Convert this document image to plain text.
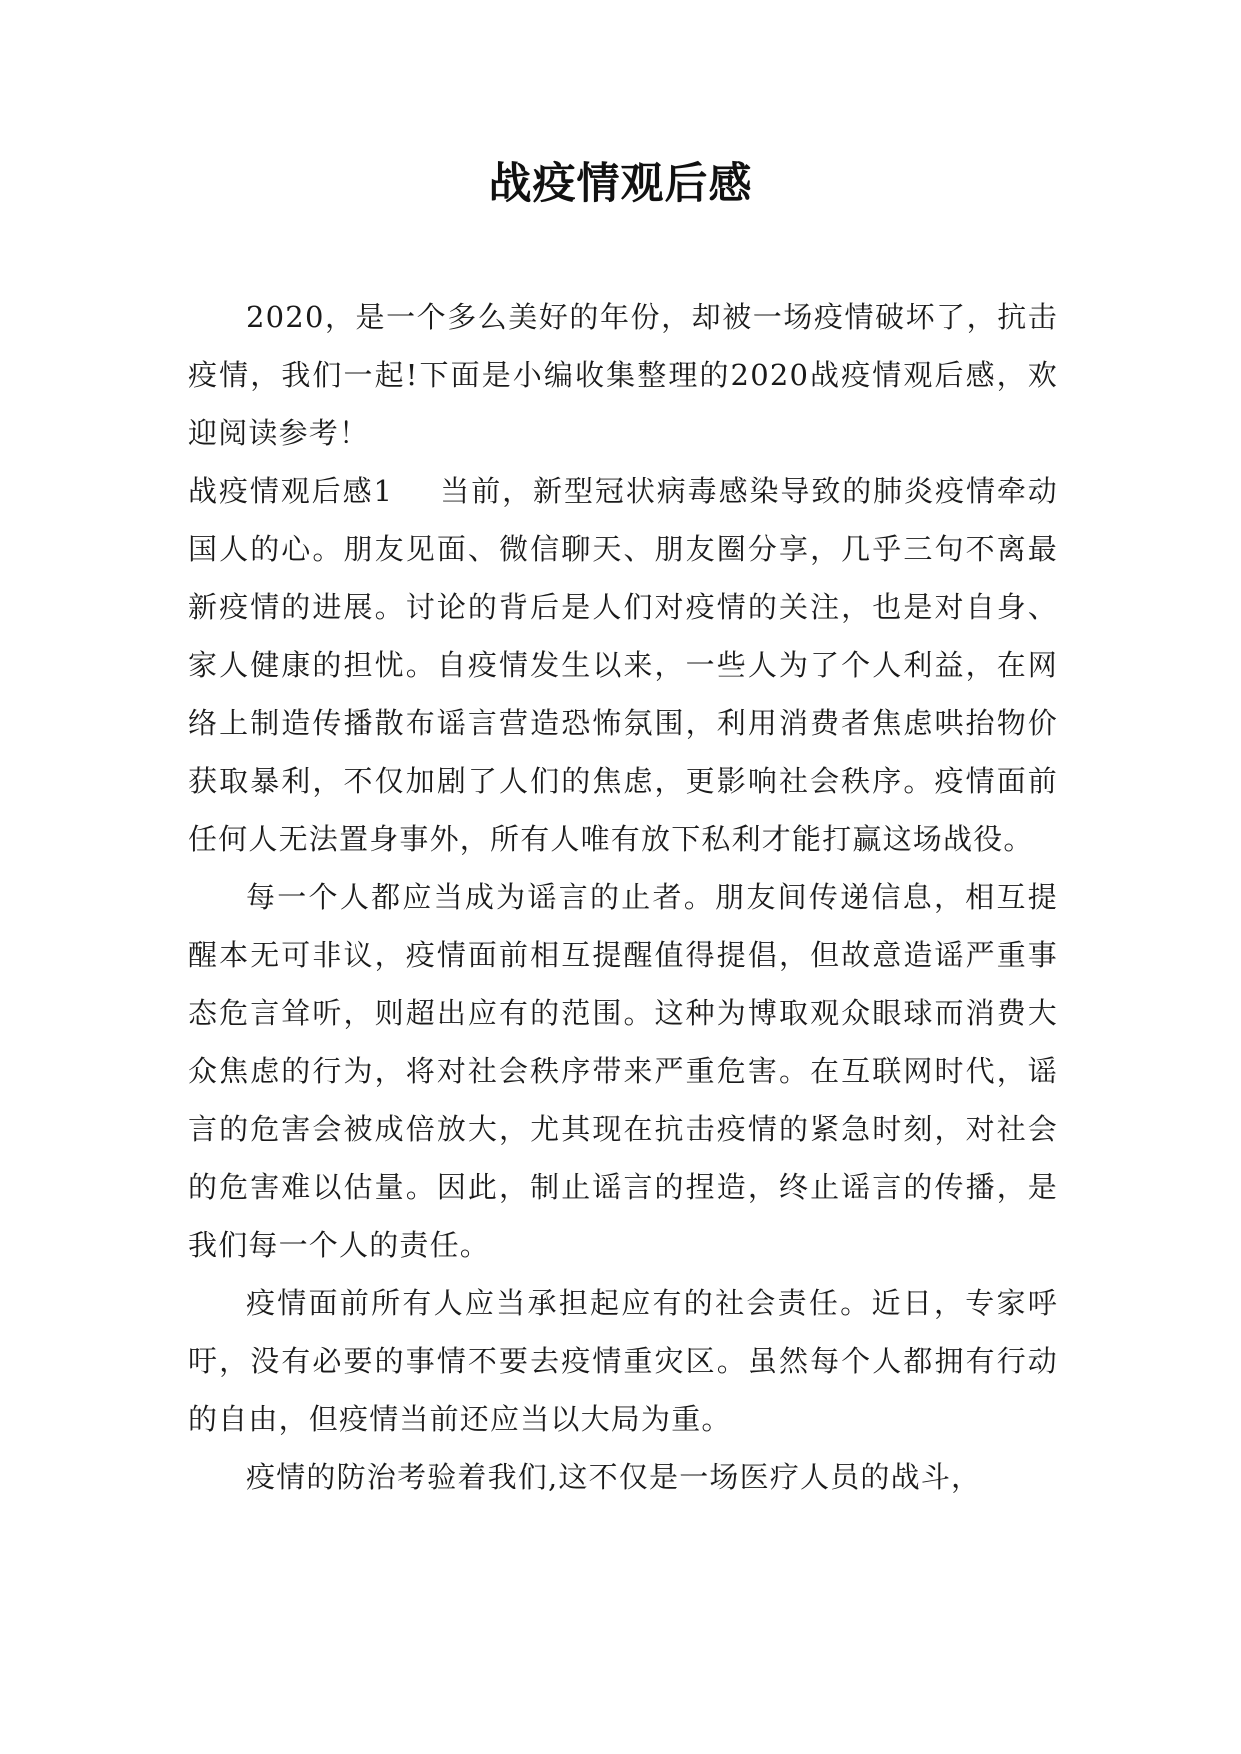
战疫情观后感

2020，是一个多么美好的年份，却被一场疫情破坏了，抗击疫情，我们一起!下面是小编收集整理的2020战疫情观后感，欢迎阅读参考！

战疫情观后感1 当前，新型冠状病毒感染导致的肺炎疫情牵动国人的心。朋友见面、微信聊天、朋友圈分享，几乎三句不离最新疫情的进展。讨论的背后是人们对疫情的关注，也是对自身、家人健康的担忧。自疫情发生以来，一些人为了个人利益，在网络上制造传播散布谣言营造恐怖氛围，利用消费者焦虑哄抬物价获取暴利，不仅加剧了人们的焦虑，更影响社会秩序。疫情面前任何人无法置身事外，所有人唯有放下私利才能打赢这场战役。

每一个人都应当成为谣言的止者。朋友间传递信息，相互提醒本无可非议，疫情面前相互提醒值得提倡，但故意造谣严重事态危言耸听，则超出应有的范围。这种为博取观众眼球而消费大众焦虑的行为，将对社会秩序带来严重危害。在互联网时代，谣言的危害会被成倍放大，尤其现在抗击疫情的紧急时刻，对社会的危害难以估量。因此，制止谣言的捏造，终止谣言的传播，是我们每一个人的责任。

疫情面前所有人应当承担起应有的社会责任。近日，专家呼吁，没有必要的事情不要去疫情重灾区。虽然每个人都拥有行动的自由，但疫情当前还应当以大局为重。

疫情的防治考验着我们,这不仅是一场医疗人员的战斗，
